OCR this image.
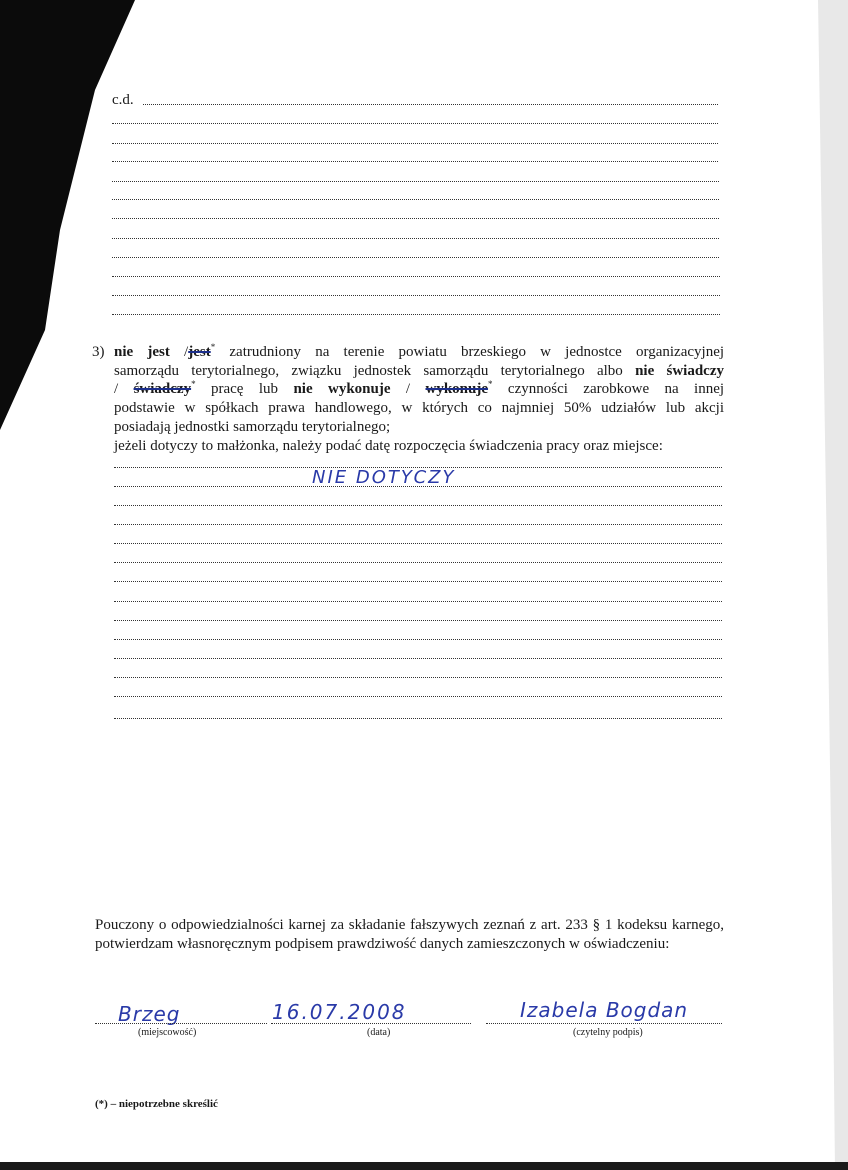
c.d.
3) nie jest /jest* zatrudniony na terenie powiatu brzeskiego w jednostce organizacyjnej
samorządu terytorialnego, związku jednostek samorządu terytorialnego albo nie świadczy
/ świadczy* pracę lub nie wykonuje / wykonuje* czynności zarobkowe na innej
podstawie w spółkach prawa handlowego, w których co najmniej 50% udziałów lub akcji
posiadają jednostki samorządu terytorialnego;
jeżeli dotyczy to małżonka, należy podać datę rozpoczęcia świadczenia pracy oraz miejsce:
NIE DOTYCZY
Pouczony o odpowiedzialności karnej za składanie fałszywych zeznań z art. 233 § 1 kodeksu karnego, potwierdzam własnoręcznym podpisem prawdziwość danych zamieszczonych w oświadczeniu:
Brzeg
(miejscowość)
16.07.2008
(data)
Izabela Bogdan
(czytelny podpis)
(*) – niepotrzebne skreślić
